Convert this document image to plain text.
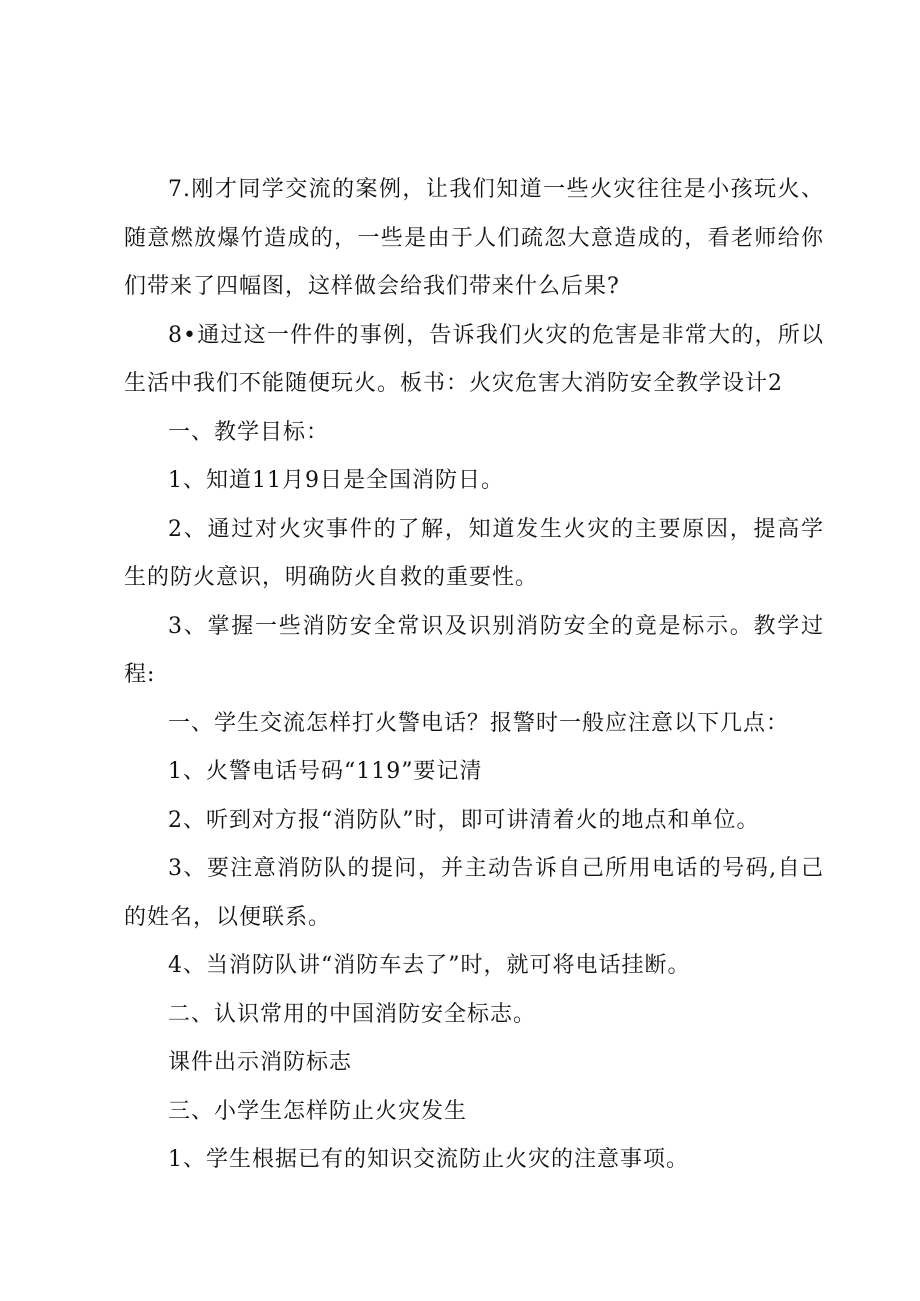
7.刚才同学交流的案例，让我们知道一些火灾往往是小孩玩火、随意燃放爆竹造成的，一些是由于人们疏忽大意造成的，看老师给你们带来了四幅图，这样做会给我们带来什么后果?

8•通过这一件件的事例，告诉我们火灾的危害是非常大的，所以生活中我们不能随便玩火。板书：火灾危害大消防安全教学设计2

一、教学目标：

1、知道11月9日是全国消防日。

2、通过对火灾事件的了解，知道发生火灾的主要原因，提高学生的防火意识，明确防火自救的重要性。

3、掌握一些消防安全常识及识别消防安全的竟是标示。教学过程:

一、学生交流怎样打火警电话？报警时一般应注意以下几点：

1、火警电话号码“119”要记清

2、听到对方报“消防队”时，即可讲清着火的地点和单位。

3、要注意消防队的提问，并主动告诉自己所用电话的号码,自己的姓名，以便联系。

4、当消防队讲“消防车去了”时，就可将电话挂断。

二、认识常用的中国消防安全标志。

课件出示消防标志

三、小学生怎样防止火灾发生

1、学生根据已有的知识交流防止火灾的注意事项。
